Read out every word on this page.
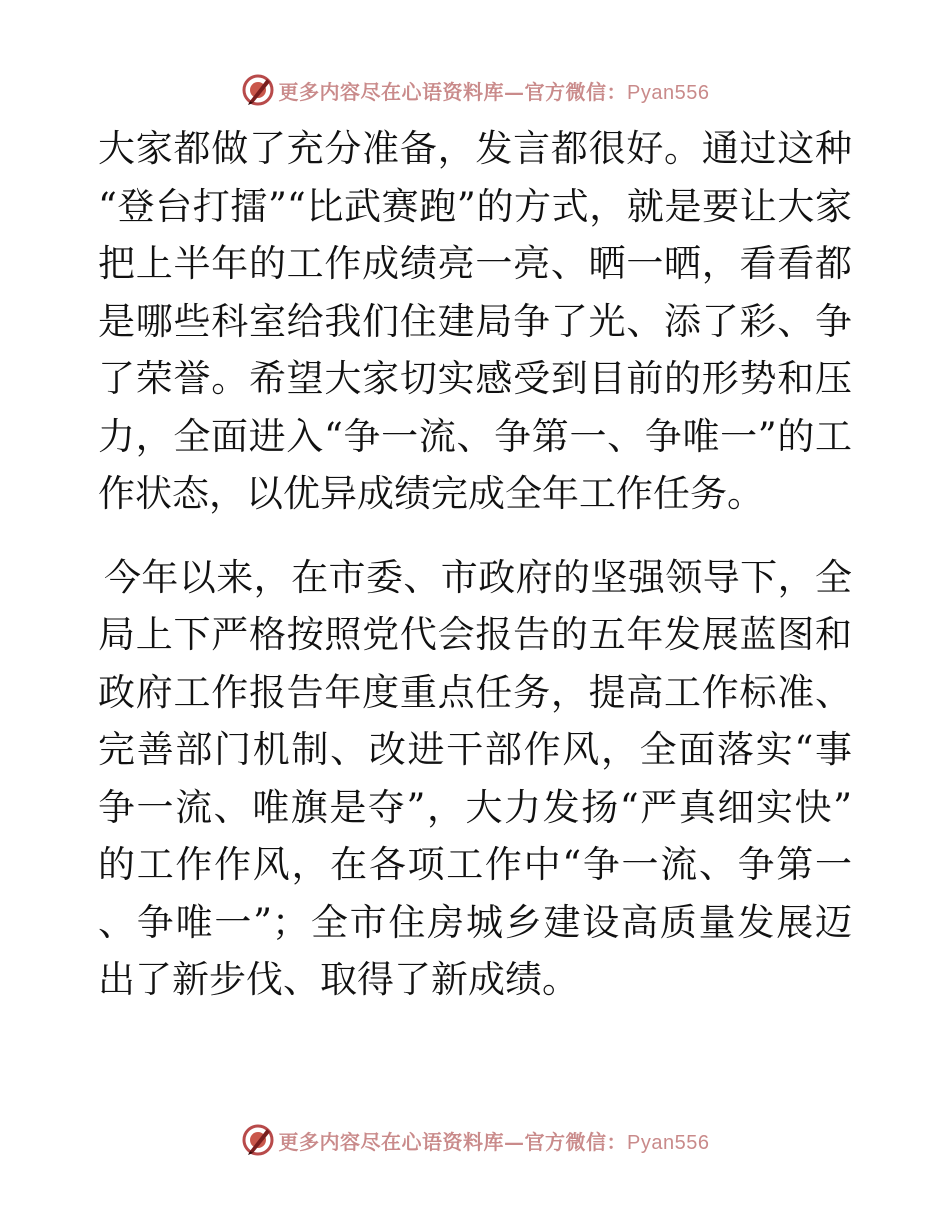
更多内容尽在心语资料库—官方微信：Pyan556

大家都做了充分准备，发言都很好。通过这种“登台打擂”“比武赛跑”的方式，就是要让大家把上半年的工作成绩亮一亮、晒一晒，看看都是哪些科室给我们住建局争了光、添了彩、争了荣誉。希望大家切实感受到目前的形势和压力，全面进入“争一流、争第一、争唯一”的工作状态，以优异成绩完成全年工作任务。

今年以来，在市委、市政府的坚强领导下，全局上下严格按照党代会报告的五年发展蓝图和政府工作报告年度重点任务，提高工作标准、完善部门机制、改进干部作风，全面落实“事争一流、唯旗是夺”，大力发扬“严真细实快”的工作作风，在各项工作中“争一流、争第一、争唯一”；全市住房城乡建设高质量发展迈出了新步伐、取得了新成绩。

更多内容尽在心语资料库—官方微信：Pyan556
